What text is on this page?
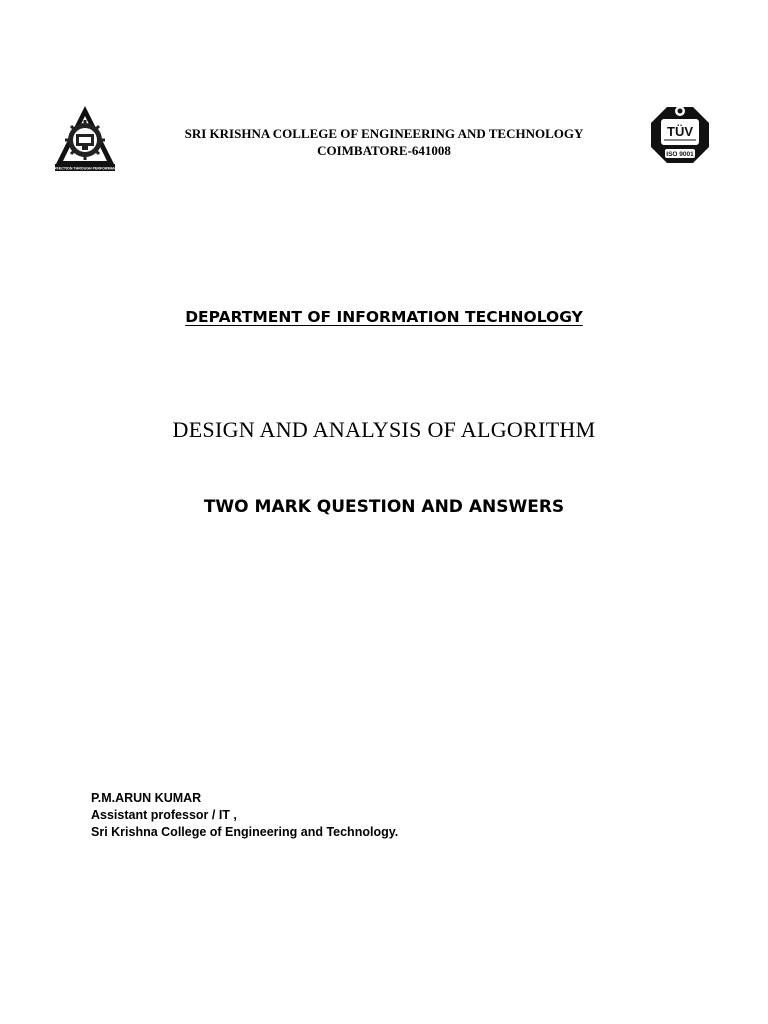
PERFECTION THROUGH PERFORMANCE
SRI KRISHNA COLLEGE OF ENGINEERING AND TECHNOLOGY
COIMBATORE-641008
TÜV
ISO 9001
DEPARTMENT OF INFORMATION TECHNOLOGY
DESIGN AND ANALYSIS OF ALGORITHM
TWO MARK QUESTION AND ANSWERS
P.M.ARUN KUMAR
Assistant professor / IT ,
Sri Krishna College of Engineering and Technology.
